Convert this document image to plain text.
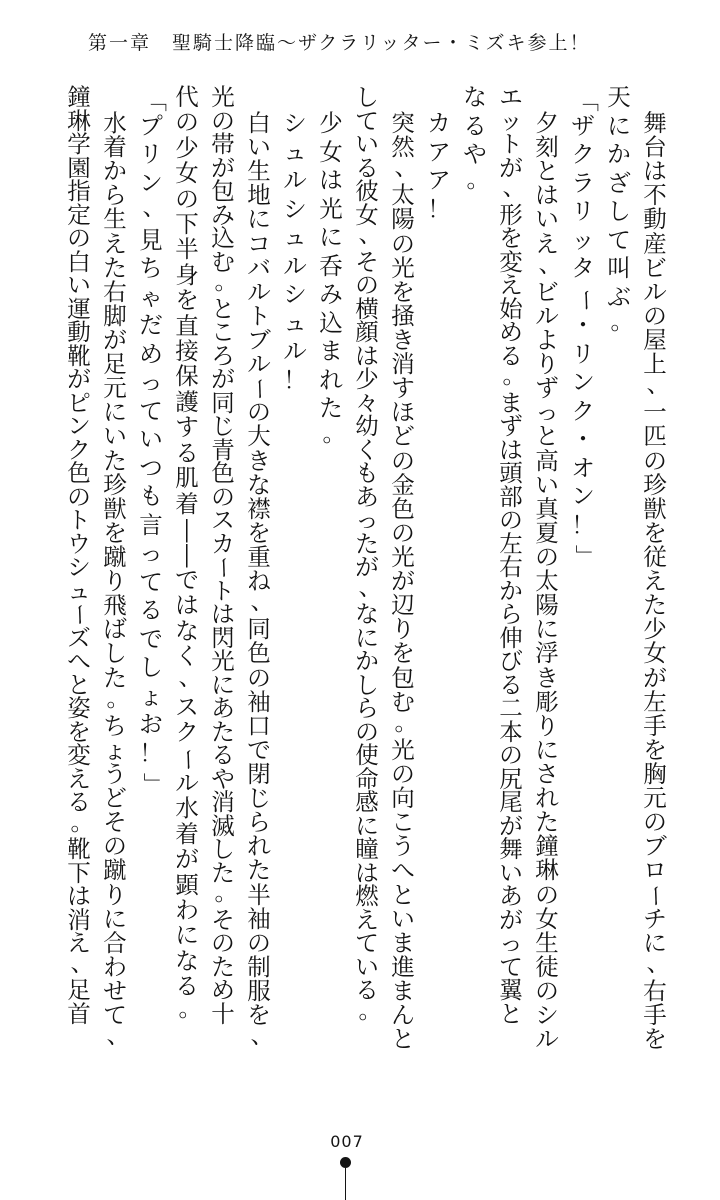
第一章　聖騎士降臨〜ザクラリッター・ミズキ参上！
舞
台
は
不
動
産
ビ
ル
の
屋
上
、
一
匹
の
珍
獣
を
従
え
た
少
女
が
左
手
を
胸
元
の
ブ
ロ
ー
チ
に
、
右
手
を
天
に
か
ざ
し
て
叫
ぶ
。
「
ザ
ク
ラ
リ
ッ
タ
ー
・
リ
ン
ク
・
オ
ン
！
」
夕
刻
と
は
い
え
、
ビ
ル
よ
り
ず
っ
と
高
い
真
夏
の
太
陽
に
浮
き
彫
り
に
さ
れ
た
鐘
琳
の
女
生
徒
の
シ
ル
エ
ッ
ト
が
、
形
を
変
え
始
め
る
。
ま
ず
は
頭
部
の
左
右
か
ら
伸
び
る
二
本
の
尻
尾
が
舞
い
あ
が
っ
て
翼
と
な
る
や
。
カ
ア
ア
！
突
然
、
太
陽
の
光
を
掻
き
消
す
ほ
ど
の
金
色
の
光
が
辺
り
を
包
む
。
光
の
向
こ
う
へ
と
い
ま
進
ま
ん
と
し
て
い
る
彼
女
、
そ
の
横
顔
は
少
々
幼
く
も
あ
っ
た
が
、
な
に
か
し
ら
の
使
命
感
に
瞳
は
燃
え
て
い
る
。
少
女
は
光
に
呑
み
込
ま
れ
た
。
シ
ュ
ル
シ
ュ
ル
シ
ュ
ル
！
白
い
生
地
に
コ
バ
ル
ト
ブ
ル
ー
の
大
き
な
襟
を
重
ね
、
同
色
の
袖
口
で
閉
じ
ら
れ
た
半
袖
の
制
服
を
、
光
の
帯
が
包
み
込
む
。
と
こ
ろ
が
同
じ
青
色
の
ス
カ
ー
ト
は
閃
光
に
あ
た
る
や
消
滅
し
た
。
そ
の
た
め
十
代
の
少
女
の
下
半
身
を
直
接
保
護
す
る
肌
着
―
―
で
は
な
く
、
ス
ク
ー
ル
水
着
が
顕
わ
に
な
る
。
「
プ
リ
ン
、
見
ち
ゃ
だ
め
っ
て
い
つ
も
言
っ
て
る
で
し
ょ
お
！
」
水
着
か
ら
生
え
た
右
脚
が
足
元
に
い
た
珍
獣
を
蹴
り
飛
ば
し
た
。
ち
ょ
う
ど
そ
の
蹴
り
に
合
わ
せ
て
、
鐘
琳
学
園
指
定
の
白
い
運
動
靴
が
ピ
ン
ク
色
の
ト
ウ
シ
ュ
ー
ズ
へ
と
姿
を
変
え
る
。
靴
下
は
消
え
、
足
首
007
